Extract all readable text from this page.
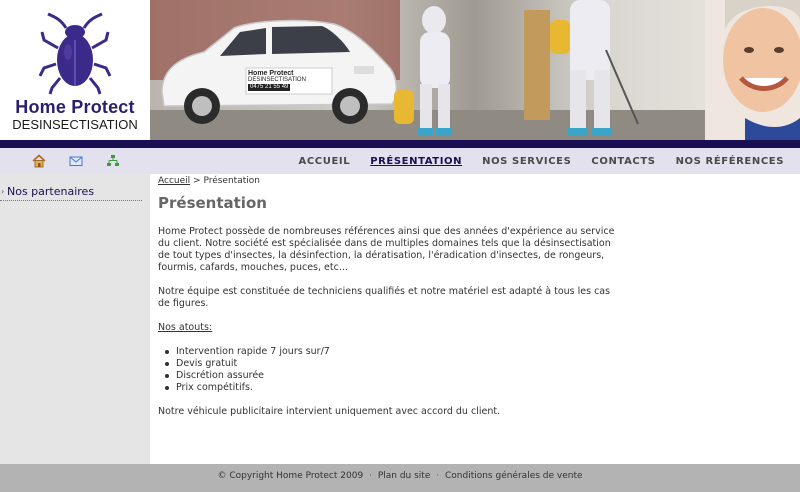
Home Protect
DESINSECTISATION
Home Protect
DESINSECTISATION
0475 21 55 49
ACCUEIL PRÉSENTATION NOS SERVICES CONTACTS NOS RÉFÉRENCES
› Nos partenaires
Accueil > Présentation
Présentation

Home Protect possède de nombreuses références ainsi que des années d'expérience au service du client. Notre société est spécialisée dans de multiples domaines tels que la désinsectisation de tout types d'insectes, la désinfection, la dératisation, l'éradication d'insectes, de rongeurs, fourmis, cafards, mouches, puces, etc...

Notre équipe est constituée de techniciens qualifiés et notre matériel est adapté à tous les cas de figures.

Nos atouts:

Intervention rapide 7 jours sur/7
Devis gratuit
Discrétion assurée
Prix compétitifs.

Notre véhicule publicitaire intervient uniquement avec accord du client.

© Copyright Home Protect 2009 · Plan du site · Conditions générales de vente
